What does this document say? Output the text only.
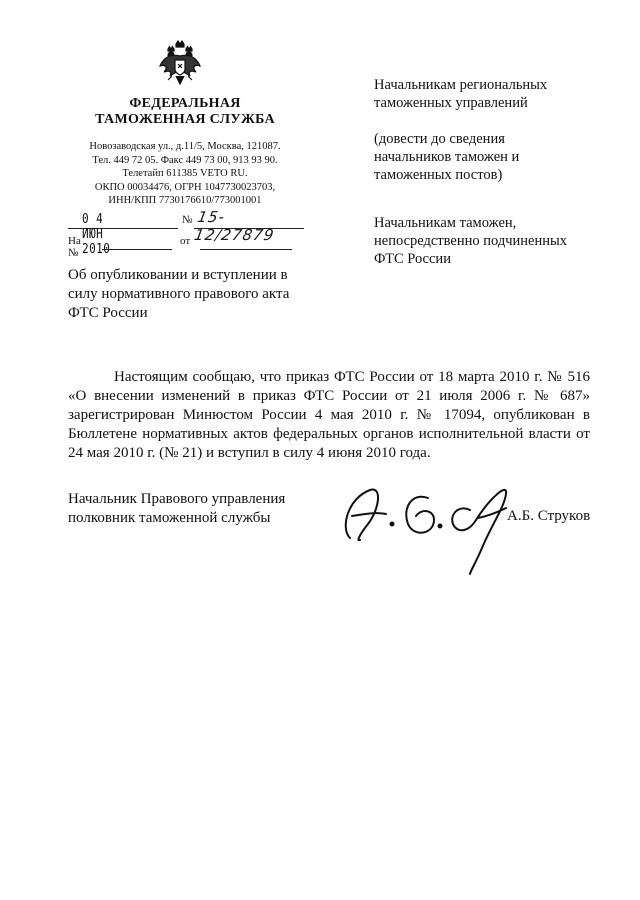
ФЕДЕРАЛЬНАЯ
ТАМОЖЕННАЯ СЛУЖБА
Новозаводская ул., д.11/5, Москва, 121087.
Тел. 449 72 05. Факс 449 73 00, 913 93 90.
Телетайп 611385 VETO RU.
ОКПО 00034476, ОГРН 1047730023703,
ИНН/КПП 7730176610/773001001
0 4 ИЮН 2010
№ 15-12/27879
На №
от
Об опубликовании и вступлении в силу нормативного правового акта ФТС России
Начальникам региональных
таможенных управлений
(довести до сведения
начальников таможен и
таможенных постов)
Начальникам таможен,
непосредственно подчиненных
ФТС России

Настоящим сообщаю, что приказ ФТС России от 18 марта 2010 г. № 516 «О внесении изменений в приказ ФТС России от 21 июля 2006 г. № 687» зарегистрирован Минюстом России 4 мая 2010 г. № 17094, опубликован в Бюллетене нормативных актов федеральных органов исполнительной власти от 24 мая 2010 г. (№ 21) и вступил в силу 4 июня 2010 года.

Начальник Правового управления
полковник таможенной службы	А.Б. Струков
